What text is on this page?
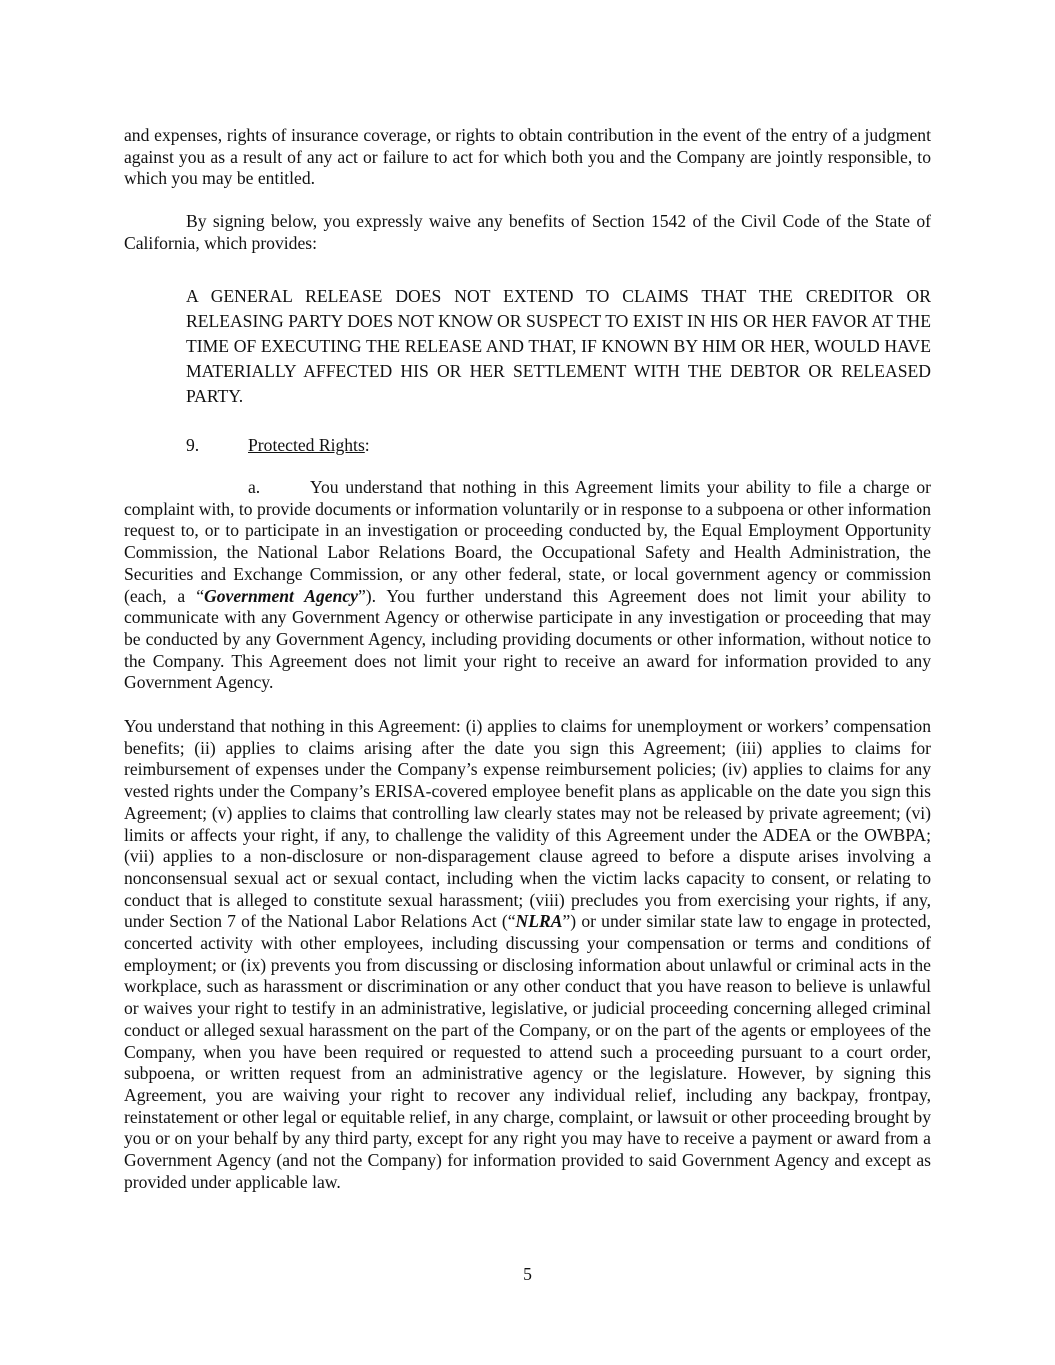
and expenses, rights of insurance coverage, or rights to obtain contribution in the event of the entry of a judgment against you as a result of any act or failure to act for which both you and the Company are jointly responsible, to which you may be entitled.

By signing below, you expressly waive any benefits of Section 1542 of the Civil Code of the State of California, which provides:

A GENERAL RELEASE DOES NOT EXTEND TO CLAIMS THAT THE CREDITOR OR RELEASING PARTY DOES NOT KNOW OR SUSPECT TO EXIST IN HIS OR HER FAVOR AT THE TIME OF EXECUTING THE RELEASE AND THAT, IF KNOWN BY HIM OR HER, WOULD HAVE MATERIALLY AFFECTED HIS OR HER SETTLEMENT WITH THE DEBTOR OR RELEASED PARTY.

9.	Protected Rights:

a.	You understand that nothing in this Agreement limits your ability to file a charge or complaint with, to provide documents or information voluntarily or in response to a subpoena or other information request to, or to participate in an investigation or proceeding conducted by, the Equal Employment Opportunity Commission, the National Labor Relations Board, the Occupational Safety and Health Administration, the Securities and Exchange Commission, or any other federal, state, or local government agency or commission (each, a “Government Agency”). You further understand this Agreement does not limit your ability to communicate with any Government Agency or otherwise participate in any investigation or proceeding that may be conducted by any Government Agency, including providing documents or other information, without notice to the Company. This Agreement does not limit your right to receive an award for information provided to any Government Agency.

You understand that nothing in this Agreement: (i) applies to claims for unemployment or workers’ compensation benefits; (ii) applies to claims arising after the date you sign this Agreement; (iii) applies to claims for reimbursement of expenses under the Company’s expense reimbursement policies; (iv) applies to claims for any vested rights under the Company’s ERISA-covered employee benefit plans as applicable on the date you sign this Agreement; (v) applies to claims that controlling law clearly states may not be released by private agreement; (vi) limits or affects your right, if any, to challenge the validity of this Agreement under the ADEA or the OWBPA; (vii) applies to a non-disclosure or non-disparagement clause agreed to before a dispute arises involving a nonconsensual sexual act or sexual contact, including when the victim lacks capacity to consent, or relating to conduct that is alleged to constitute sexual harassment; (viii) precludes you from exercising your rights, if any, under Section 7 of the National Labor Relations Act (“NLRA”) or under similar state law to engage in protected, concerted activity with other employees, including discussing your compensation or terms and conditions of employment; or (ix) prevents you from discussing or disclosing information about unlawful or criminal acts in the workplace, such as harassment or discrimination or any other conduct that you have reason to believe is unlawful or waives your right to testify in an administrative, legislative, or judicial proceeding concerning alleged criminal conduct or alleged sexual harassment on the part of the Company, or on the part of the agents or employees of the Company, when you have been required or requested to attend such a proceeding pursuant to a court order, subpoena, or written request from an administrative agency or the legislature. However, by signing this Agreement, you are waiving your right to recover any individual relief, including any backpay, frontpay, reinstatement or other legal or equitable relief, in any charge, complaint, or lawsuit or other proceeding brought by you or on your behalf by any third party, except for any right you may have to receive a payment or award from a Government Agency (and not the Company) for information provided to said Government Agency and except as provided under applicable law.

5
